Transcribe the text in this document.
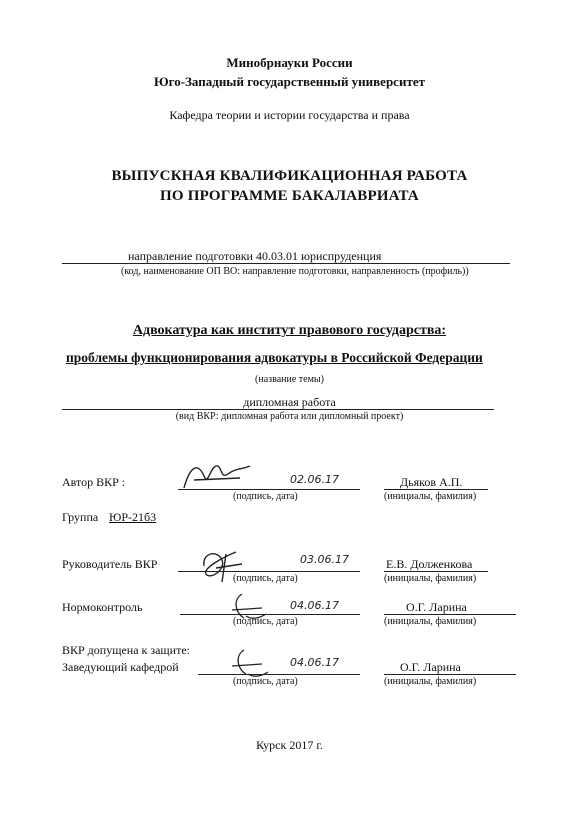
Минобрнауки России
Юго-Западный государственный университет
Кафедра теории и истории государства и права
ВЫПУСКНАЯ КВАЛИФИКАЦИОННАЯ РАБОТА
ПО ПРОГРАММЕ БАКАЛАВРИАТА
направление подготовки 40.03.01 юриспруденция
(код, наименование ОП ВО: направление подготовки, направленность (профиль))
Адвокатура как институт правового государства:
проблемы функционирования адвокатуры в Российской Федерации
(название темы)
дипломная работа
(вид ВКР: дипломная работа или дипломный проект)
Автор ВКР :	02.06.17	Дьяков А.П.
(подпись, дата)	(инициалы, фамилия)
Группа ЮР-21б3
Руководитель ВКР	03.06.17	Е.В. Долженкова
(подпись, дата)	(инициалы, фамилия)
Нормоконтроль	04.06.17	О.Г. Ларина
(подпись, дата)	(инициалы, фамилия)
ВКР допущена к защите:
Заведующий кафедрой	04.06.17	О.Г. Ларина
(подпись, дата)	(инициалы, фамилия)
Курск 2017 г.
